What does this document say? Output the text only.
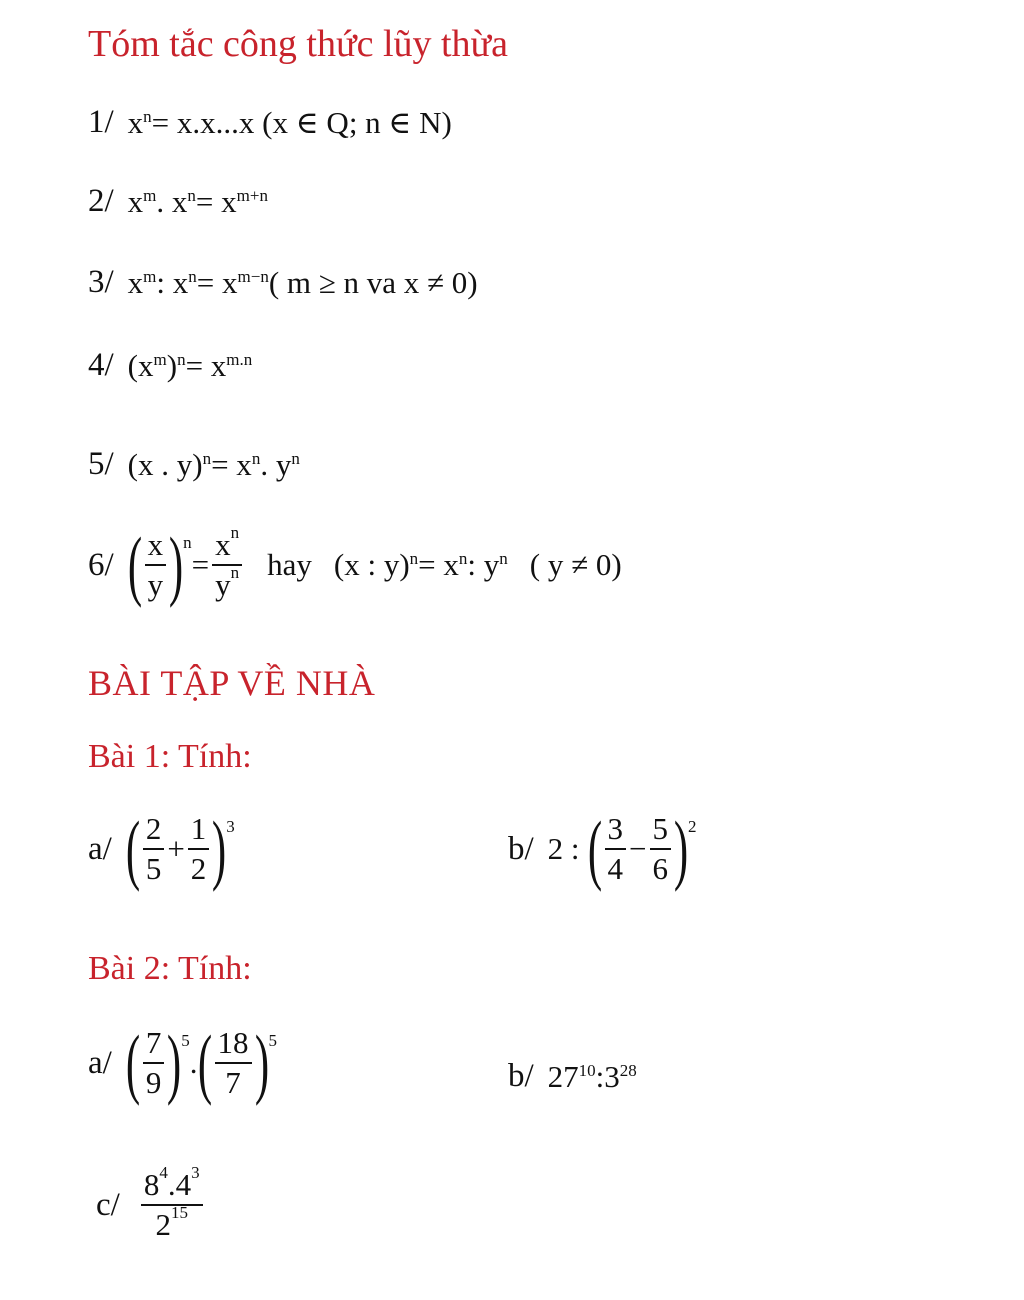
Tóm tắc công thức lũy thừa
1/ $x^n = x.x...x$ (x ∈ Q; n ∈ N)
2/ $x^m$ . $x^n = x^{m+n}$
3/ $x^m$ : $x^n = x^{m-n}$ ( m ≥ n va x ≠ 0)
4/ ($x^m$ )$^n = x^{m.n}$
5/ (x . $y)^n = x^n$ . $y^n$
6/ ( $\frac{x}{y} )^n$
= $\frac{x^n}{y^n}$ hay (x : $y)^n = x^n$ : $y^n$ ( y ≠ 0)
BÀI TẬP VỀ NHÀ
Bài 1: Tính:
a/ ( $\frac{2}{5} + \frac{1}{2} )^3$
b/ 2 : ( $\frac{3}{4} - \frac{5}{6} )^2$
Bài 2: Tính:
a/ ( $\frac{7}{9} )^5$
. ( $\frac{18}{7} )^5$
b/ $27^{10}$ : $3^{28}$
$c/ \frac{8^4.4^3}{2^{15}}$
